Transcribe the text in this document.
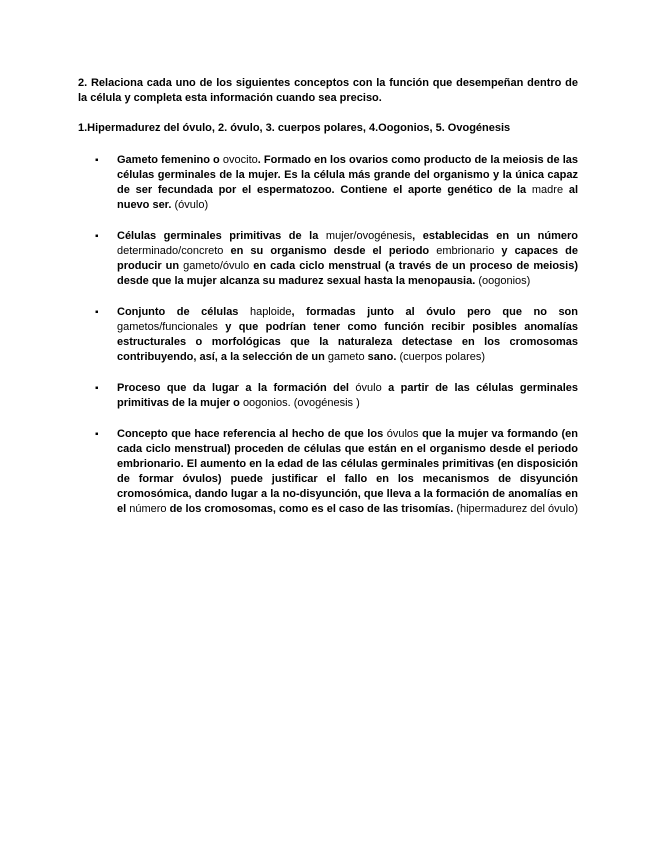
2. Relaciona cada uno de los siguientes conceptos con la función que desempeñan dentro de la célula y completa esta información cuando sea preciso.

1.Hipermadurez del óvulo, 2. óvulo, 3. cuerpos polares, 4.Oogonios, 5. Ovogénesis

▪ Gameto femenino o ovocito. Formado en los ovarios como producto de la meiosis de las células germinales de la mujer. Es la célula más grande del organismo y la única capaz de ser fecundada por el espermatozoo. Contiene el aporte genético de la madre al nuevo ser. (óvulo)

▪ Células germinales primitivas de la mujer/ovogénesis, establecidas en un número determinado/concreto en su organismo desde el periodo embrionario y capaces de producir un gameto/óvulo en cada ciclo menstrual (a través de un proceso de meiosis) desde que la mujer alcanza su madurez sexual hasta la menopausia. (oogonios)

▪ Conjunto de células haploide, formadas junto al óvulo pero que no son gametos/funcionales y que podrían tener como función recibir posibles anomalías estructurales o morfológicas que la naturaleza detectase en los cromosomas contribuyendo, así, a la selección de un gameto sano. (cuerpos polares)

▪ Proceso que da lugar a la formación del óvulo a partir de las células germinales primitivas de la mujer o oogonios. (ovogénesis )

▪ Concepto que hace referencia al hecho de que los óvulos que la mujer va formando (en cada ciclo menstrual) proceden de células que están en el organismo desde el periodo embrionario. El aumento en la edad de las células germinales primitivas (en disposición de formar óvulos) puede justificar el fallo en los mecanismos de disyunción cromosómica, dando lugar a la no-disyunción, que lleva a la formación de anomalías en el número de los cromosomas, como es el caso de las trisomías. (hipermadurez del óvulo)
